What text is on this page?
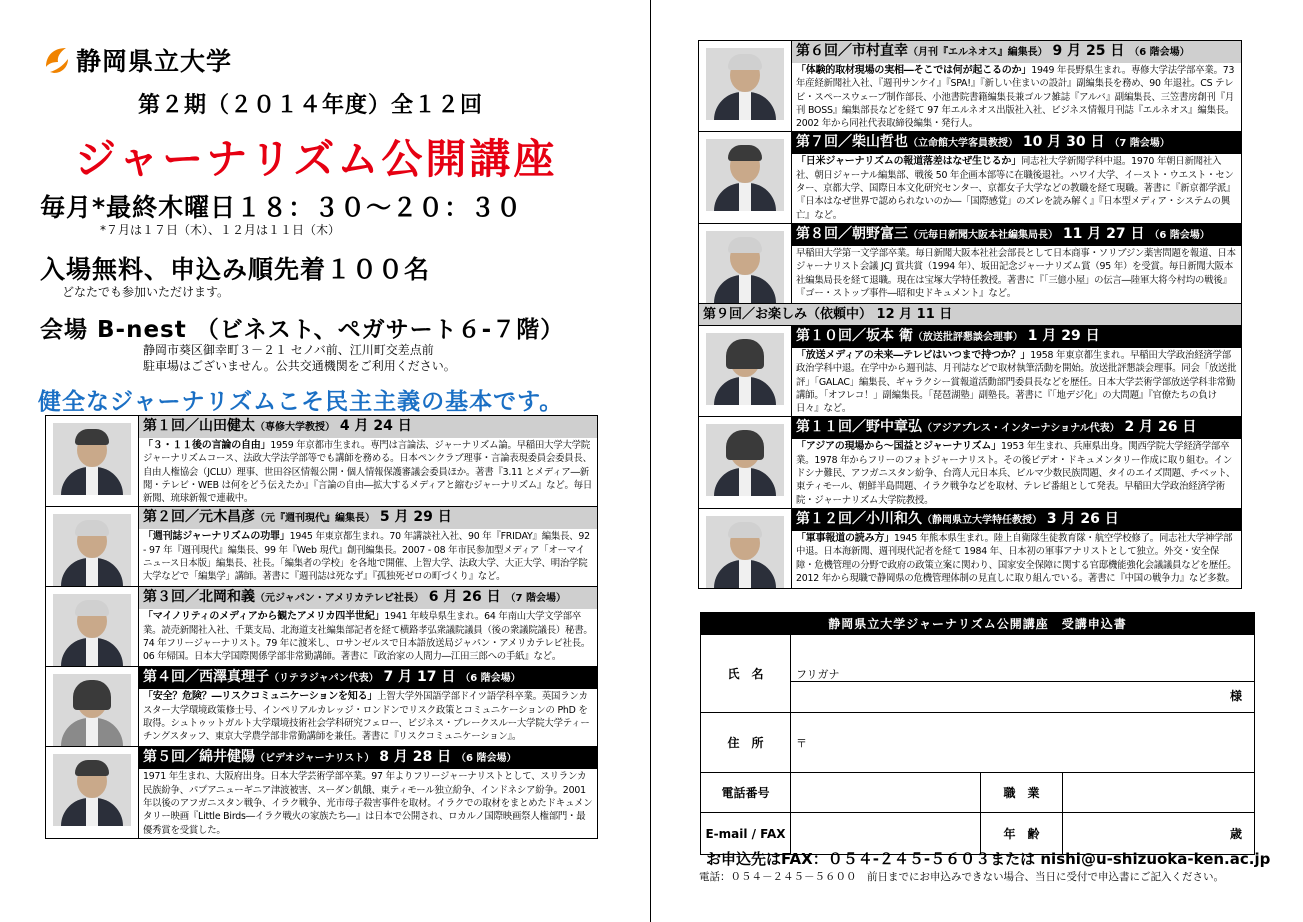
静岡県立大学
第２期（２０１４年度）全１２回
ジャーナリズム公開講座
毎月*最終木曜日１８：３０～２０：３０
*７月は１７日（木）、１２月は１１日（木）
入場無料、申込み順先着１００名
どなたでも参加いただけます。
会場 B-nest （ビネスト、ペガサート６-７階）
静岡市葵区御幸町３－２１ セノバ前、江川町交差点前
駐車場はございません。公共交通機関をご利用ください。
健全なジャーナリズムこそ民主主義の基本です。

	第１回／山田健太（専修大学教授） 4 月 24 日
「３・１１後の言論の自由」1959 年京都市生まれ。専門は言論法、ジャーナリズム論。早稲田大学大学院ジャーナリズムコース、法政大学法学部等でも講師を務める。日本ペンクラブ理事・言論表現委員会委員長、自由人権協会（JCLU）理事、世田谷区情報公開・個人情報保護審議会委員ほか。著書『3.11 とメディア―新聞・テレビ・WEB は何をどう伝えたか』『言論の自由―拡大するメディアと縮むジャーナリズム』など。毎日新聞、琉球新報で連載中。

	第２回／元木昌彦（元『週刊現代』編集長） 5 月 29 日
「週刊誌ジャーナリズムの功罪」1945 年東京都生まれ。70 年講談社入社、90 年『FRIDAY』編集長、92 - 97 年『週刊現代』編集長、99 年『Web 現代』創刊編集長。2007 - 08 年市民参加型メディア「オーマイニュース日本版」編集長、社長。「編集者の学校」を各地で開催、上智大学、法政大学、大正大学、明治学院大学などで「編集学」講師。著書に『週刊誌は死なず』『孤独死ゼロの町づくり』など。

	第３回／北岡和義（元ジャパン・アメリカテレビ社長） 6 月 26 日 （7 階会場）
「マイノリティのメディアから観たアメリカ四半世紀」1941 年岐阜県生まれ。64 年南山大学文学部卒業。読売新聞社入社、千葉支局、北海道支社編集部記者を経て横路孝弘衆議院議員（後の衆議院議長）秘書。74 年フリージャーナリスト。79 年に渡米し、ロサンゼルスで日本語放送局ジャパン・アメリカテレビ社長。06 年帰国。日本大学国際関係学部非常勤講師。著書に『政治家の人間力―江田三郎への手紙』など。

	第４回／西澤真理子（リテラジャパン代表） 7 月 17 日 （6 階会場）
「安全？危険？―リスクコミュニケーションを知る」上智大学外国語学部ドイツ語学科卒業。英国ランカスター大学環境政策修士号、インペリアルカレッジ・ロンドンでリスク政策とコミュニケーションの PhD を取得。シュトゥットガルト大学環境技術社会学科研究フェロー、ビジネス・ブレークスルー大学院大学ティーチングスタッフ、東京大学農学部非常勤講師を兼任。著書に『リスクコミュニケーション』。

	第５回／綿井健陽（ビデオジャーナリスト） 8 月 28 日 （6 階会場）
1971 年生まれ、大阪府出身。日本大学芸術学部卒業。97 年よりフリージャーナリストとして、スリランカ民族紛争、パプアニューギニア津波被害、スーダン飢餓、東ティモール独立紛争、インドネシア紛争。2001 年以後のアフガニスタン戦争、イラク戦争、光市母子殺害事件を取材。イラクでの取材をまとめたドキュメンタリー映画『Little Birds―イラク戦火の家族たち―』は日本で公開され、ロカルノ国際映画祭人権部門・最優秀賞を受賞した。

	第６回／市村直幸（月刊『エルネオス』編集長） 9 月 25 日 （6 階会場）
「体験的取材現場の実相―そこでは何が起こるのか」1949 年長野県生まれ。専修大学法学部卒業。73 年産経新聞社入社、『週刊サンケイ』『SPA!』『新しい住まいの設計』副編集長を務め、90 年退社。CS テレビ・スペースウェーブ制作部長、小池書院書籍編集長兼ゴルフ雑誌『アルバ』副編集長、三笠書房創刊『月刊 BOSS』編集部長などを経て 97 年エルネオス出版社入社、ビジネス情報月刊誌『エルネオス』編集長。2002 年から同社代表取締役編集・発行人。

	第７回／柴山哲也（立命館大学客員教授） 10 月 30 日 （7 階会場）
「日米ジャーナリズムの報道落差はなぜ生じるか」同志社大学新聞学科中退。1970 年朝日新聞社入社、朝日ジャーナル編集部、戦後 50 年企画本部等に在職後退社。ハワイ大学、イースト・ウエスト・センター、京都大学、国際日本文化研究センター、京都女子大学などの教職を経て現職。著書に『新京都学派』『日本はなぜ世界で認められないのか―「国際感覚」のズレを読み解く』『日本型メディア・システムの興亡』など。

	第８回／朝野富三（元毎日新聞大阪本社編集局長） 11 月 27 日 （6 階会場）
早稲田大学第一文学部卒業。毎日新聞大阪本社社会部長として日本商事・ソリブジン薬害問題を報道、日本ジャーナリスト会議 JCJ 賞共賞（1994 年）、坂田記念ジャーナリズム賞（95 年）を受賞。毎日新聞大阪本社編集局長を経て退職。現在は宝塚大学特任教授。著書に『「三億小屋」の伝言―陸軍大将今村均の戦後』『ゴー・ストップ事件―昭和史ドキュメント』など。

第９回／お楽しみ（依頼中） 12 月 11 日	

	第１０回／坂本 衛（放送批評懇談会理事） 1 月 29 日
「放送メディアの未来―テレビはいつまで持つか？」1958 年東京都生まれ。早稲田大学政治経済学部政治学科中退。在学中から週刊誌、月刊誌などで取材執筆活動を開始。放送批評懇談会理事。同会「放送批評」「GALAC」編集長、ギャラクシー賞報道活動部門委員長などを歴任。日本大学芸術学部放送学科非常勤講師。「オフレコ！」副編集長。「琵琶湖塾」副塾長。著書に『「地デジ化」の大問題』『官僚たちの負け日々』など。

	第１１回／野中章弘（アジアプレス・インターナショナル代表） 2 月 26 日
「アジアの現場から～国益とジャーナリズム」1953 年生まれ、兵庫県出身。関西学院大学経済学部卒業。1978 年からフリーのフォトジャーナリスト。その後ビデオ・ドキュメンタリー作成に取り組む。インドシナ難民、アフガニスタン紛争、台湾人元日本兵、ビルマ少数民族問題、タイのエイズ問題、チベット、東ティモール、朝鮮半島問題、イラク戦争などを取材、テレビ番組として発表。早稲田大学政治経済学術院・ジャーナリズム大学院教授。

	第１２回／小川和久（静岡県立大学特任教授） 3 月 26 日
「軍事報道の読み方」1945 年熊本県生まれ。陸上自衛隊生徒教育隊・航空学校修了。同志社大学神学部中退。日本海新聞、週刊現代記者を経て 1984 年、日本初の軍事アナリストとして独立。外交・安全保障・危機管理の分野で政府の政策立案に関わり、国家安全保障に関する官邸機能強化会議議員などを歴任。2012 年から現職で静岡県の危機管理体制の見直しに取り組んでいる。著書に『中国の戦争力』など多数。
静岡県立大学ジャーナリズム公開講座　受講申込書			
氏　名	フリガナ
様		

住　所	〒		
電話番号		職　業	
E-mail / FAX		年　齢	歳
お申込先はFAX：０５４-２４５-５６０３または nishi@u-shizuoka-ken.ac.jp
電話：０５４－２４５－５６００　前日までにお申込みできない場合、当日に受付で申込書にご記入ください。
